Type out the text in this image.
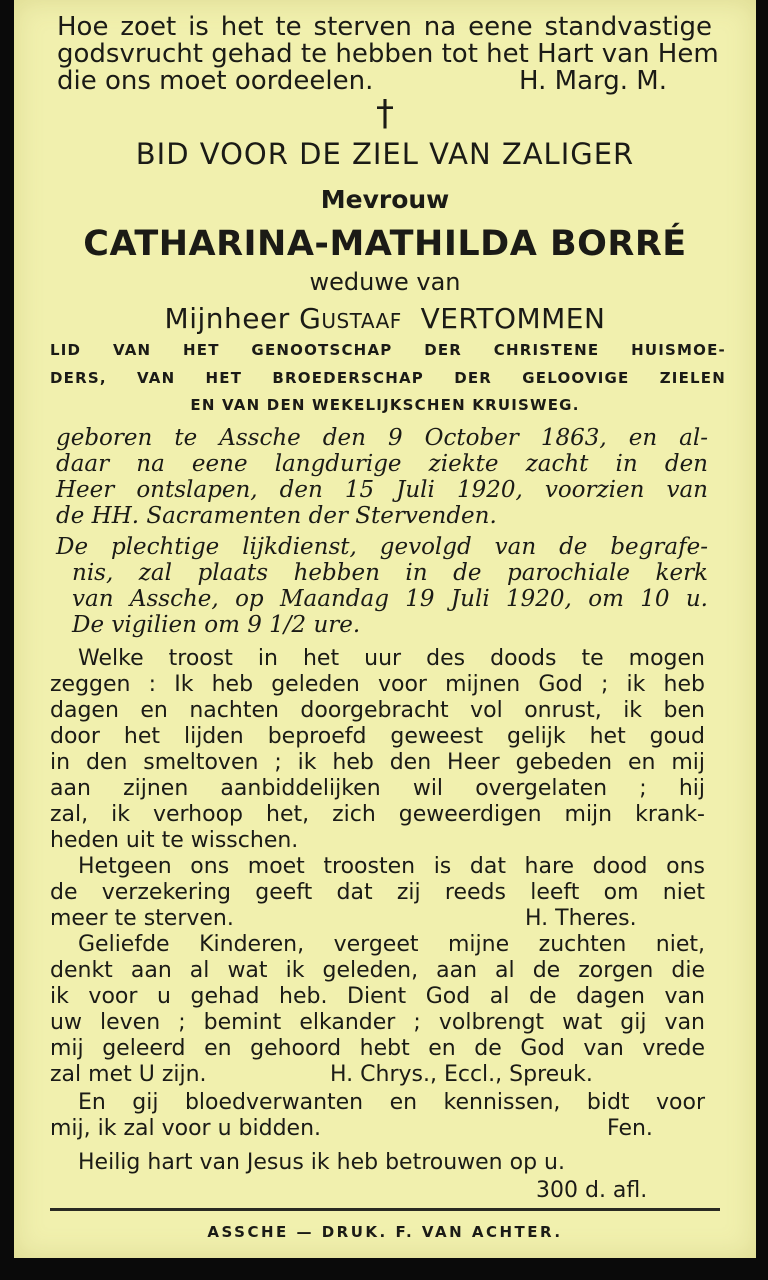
Hoe zoet is het te sterven na eene standvastige
godsvrucht gehad te hebben tot het Hart van Hem
die ons moet oordeelen.	H. Marg. M.
†
BID VOOR DE ZIEL VAN ZALIGER
Mevrouw
CATHARINA-MATHILDA BORRÉ
weduwe van
Mijnheer Gustaaf VERTOMMEN
LID VAN HET GENOOTSCHAP DER CHRISTENE HUISMOE-
DERS, VAN HET BROEDERSCHAP DER GELOOVIGE ZIELEN
EN VAN DEN WEKELIJKSCHEN KRUISWEG.
geboren te Assche den 9 October 1863, en al-
daar na eene langdurige ziekte zacht in den
Heer ontslapen, den 15 Juli 1920, voorzien van
de HH. Sacramenten der Stervenden.
De plechtige lijkdienst, gevolgd van de begrafe-
nis, zal plaats hebben in de parochiale kerk
van Assche, op Maandag 19 Juli 1920, om 10 u.
De vigilien om 9 1/2 ure.
Welke troost in het uur des doods te mogen
zeggen : Ik heb geleden voor mijnen God ; ik heb
dagen en nachten doorgebracht vol onrust, ik ben
door het lijden beproefd geweest gelijk het goud
in den smeltoven ; ik heb den Heer gebeden en mij
aan zijnen aanbiddelijken wil overgelaten ; hij
zal, ik verhoop het, zich geweerdigen mijn krank-
heden uit te wisschen.
Hetgeen ons moet troosten is dat hare dood ons
de verzekering geeft dat zij reeds leeft om niet
meer te sterven.	H. Theres.
Geliefde Kinderen, vergeet mijne zuchten niet,
denkt aan al wat ik geleden, aan al de zorgen die
ik voor u gehad heb. Dient God al de dagen van
uw leven ; bemint elkander ; volbrengt wat gij van
mij geleerd en gehoord hebt en de God van vrede
zal met U zijn.	H. Chrys., Eccl., Spreuk.
En gij bloedverwanten en kennissen, bidt voor
mij, ik zal voor u bidden.	Fen.
Heilig hart van Jesus ik heb betrouwen op u.
300 d. afl.
ASSCHE — DRUK. F. VAN ACHTER.
